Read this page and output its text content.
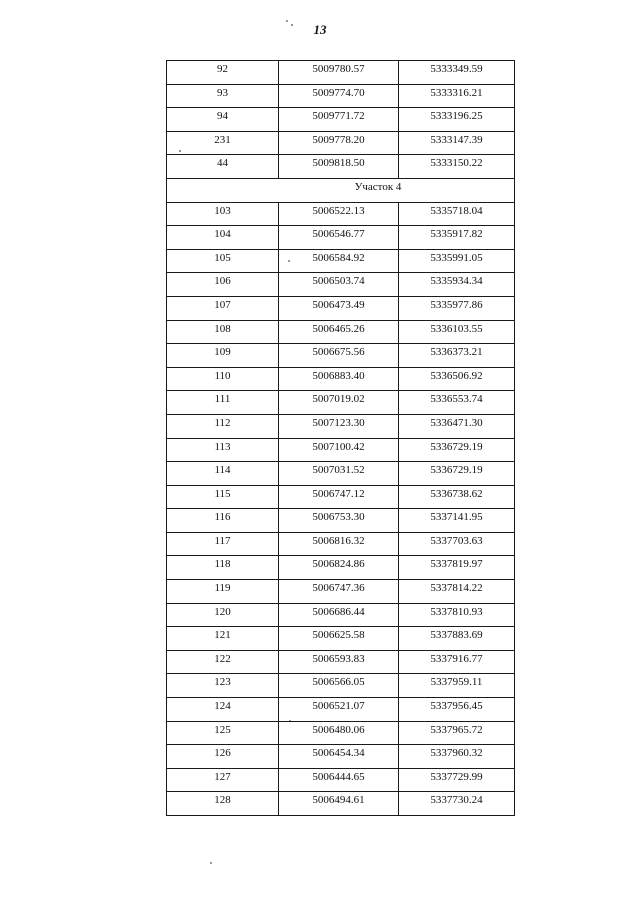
13
92	5009780.57	5333349.59
93	5009774.70	5333316.21
94	5009771.72	5333196.25
231	5009778.20	5333147.39
44	5009818.50	5333150.22
Участок 4		
103	5006522.13	5335718.04
104	5006546.77	5335917.82
105	5006584.92	5335991.05
106	5006503.74	5335934.34
107	5006473.49	5335977.86
108	5006465.26	5336103.55
109	5006675.56	5336373.21
110	5006883.40	5336506.92
111	5007019.02	5336553.74
112	5007123.30	5336471.30
113	5007100.42	5336729.19
114	5007031.52	5336729.19
115	5006747.12	5336738.62
116	5006753.30	5337141.95
117	5006816.32	5337703.63
118	5006824.86	5337819.97
119	5006747.36	5337814.22
120	5006686.44	5337810.93
121	5006625.58	5337883.69
122	5006593.83	5337916.77
123	5006566.05	5337959.11
124	5006521.07	5337956.45
125	5006480.06	5337965.72
126	5006454.34	5337960.32
127	5006444.65	5337729.99
128	5006494.61	5337730.24
